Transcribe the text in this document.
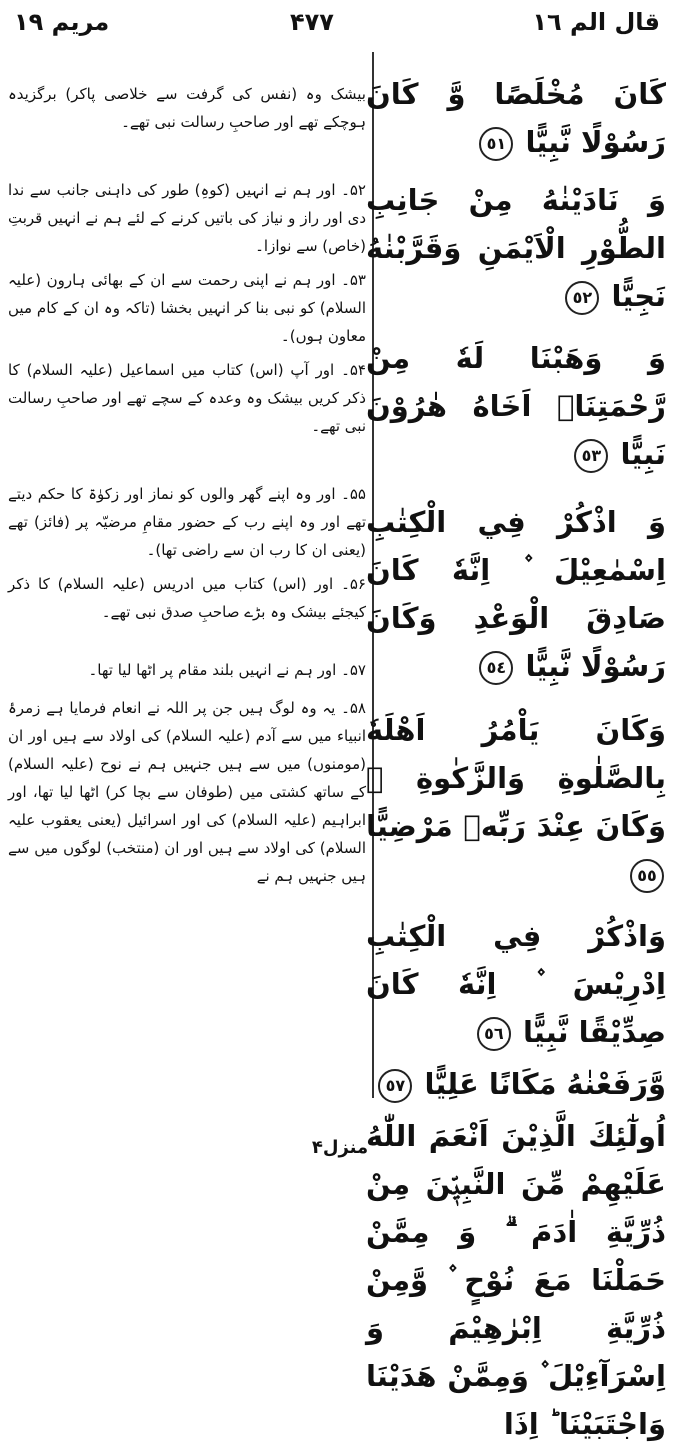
قال الم ١٦
۴۷۷
مریم ۱۹

كَانَ مُخْلَصًا وَّ كَانَ رَسُوْلًا نَّبِيًّا ٥١

وَ نَادَيْنٰهُ مِنْ جَانِبِ الطُّوْرِ الْاَيْمَنِ وَقَرَّبْنٰهُ نَجِيًّا ٥٢

وَ وَهَبْنَا لَهٗ مِنْ رَّحْمَتِنَاۤ اَخَاهُ هٰرُوْنَ نَبِيًّا ٥٣

وَ اذْكُرْ فِي الْكِتٰبِ اِسْمٰعِيْلَ ۫ اِنَّهٗ كَانَ صَادِقَ الْوَعْدِ وَكَانَ رَسُوْلًا نَّبِيًّا ٥٤

وَكَانَ يَاْمُرُ اَهْلَهٗ بِالصَّلٰوةِ وَالزَّكٰوةِ ۪ وَكَانَ عِنْدَ رَبِّهٖ مَرْضِيًّا ٥٥

وَاذْكُرْ فِي الْكِتٰبِ اِدْرِيْسَ ۫ اِنَّهٗ كَانَ صِدِّيْقًا نَّبِيًّا ٥٦

وَّرَفَعْنٰهُ مَكَانًا عَلِيًّا ٥٧

اُولٰٓئِكَ الَّذِيْنَ اَنْعَمَ اللّٰهُ عَلَيْهِمْ مِّنَ النَّبِيّٖنَ مِنْ ذُرِّيَّةِ اٰدَمَ ۗ وَ مِمَّنْ حَمَلْنَا مَعَ نُوْحٍ ۫ وَّمِنْ ذُرِّيَّةِ اِبْرٰهِيْمَ وَ اِسْرَآءِيْلَ ۫ وَمِمَّنْ هَدَيْنَا وَاجْتَبَيْنَا ؕ اِذَا

بیشک وہ (نفس کی گرفت سے خلاصی پاکر) برگزیدہ ہوچکے تھے اور صاحبِ رسالت نبی تھے۔

۵۲۔ اور ہم نے انہیں (کوہِ) طور کی داہنی جانب سے ندا دی اور راز و نیاز کی باتیں کرنے کے لئے ہم نے انہیں قربتِ (خاص) سے نوازا۔

۵۳۔ اور ہم نے اپنی رحمت سے ان کے بھائی ہارون (علیہ السلام) کو نبی بنا کر انہیں بخشا (تاکہ وہ ان کے کام میں معاون ہوں)۔

۵۴۔ اور آپ (اس) کتاب میں اسماعیل (علیہ السلام) کا ذکر کریں بیشک وہ وعدہ کے سچے تھے اور صاحبِ رسالت نبی تھے۔

۵۵۔ اور وہ اپنے گھر والوں کو نماز اور زکوٰۃ کا حکم دیتے تھے اور وہ اپنے رب کے حضور مقامِ مرضیّہ پر (فائز) تھے (یعنی ان کا رب ان سے راضی تھا)۔

۵۶۔ اور (اس) کتاب میں ادریس (علیہ السلام) کا ذکر کیجئے بیشک وہ بڑے صاحبِ صدق نبی تھے۔

۵۷۔ اور ہم نے انہیں بلند مقام پر اٹھا لیا تھا۔

۵۸۔ یہ وہ لوگ ہیں جن پر اللہ نے انعام فرمایا ہے زمرۂ انبیاء میں سے آدم (علیہ السلام) کی اولاد سے ہیں اور ان (مومنوں) میں سے ہیں جنہیں ہم نے نوح (علیہ السلام) کے ساتھ کشتی میں (طوفان سے بچا کر) اٹھا لیا تھا، اور ابراہیم (علیہ السلام) کی اور اسرائیل (یعنی یعقوب علیہ السلام) کی اولاد سے ہیں اور ان (منتخب) لوگوں میں سے ہیں جنہیں ہم نے

منزل۴
